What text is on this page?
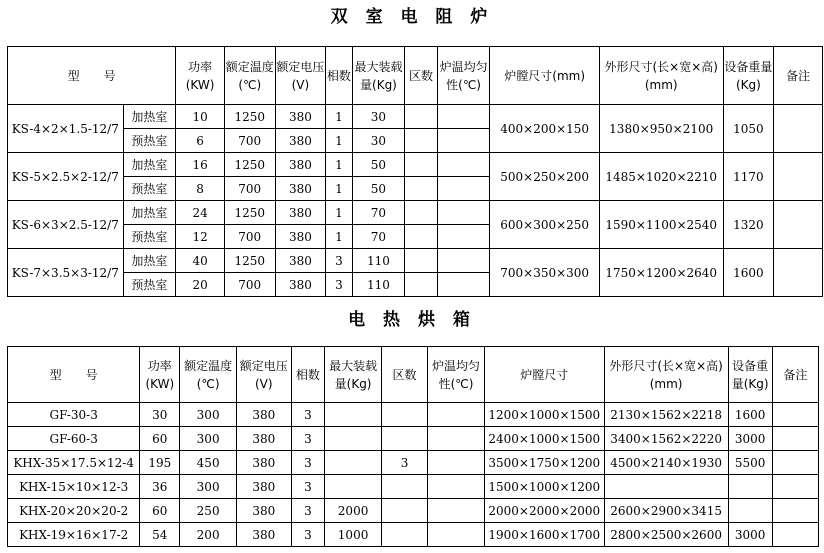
双 室 电 阻 炉
型　　号		功率(KW)	额定温度(℃)	额定电压(V)	相数	最大装载量(Kg)	区数	炉温均匀性(℃)	炉膛尺寸(mm)	外形尺寸(长×宽×高)(mm)	设备重量(Kg)	备注
KS-4×2×1.5-12/7	加热室	10	1250	380	1	30			400×200×150	1380×950×2100	1050	
	预热室	6	700	380	1	30						
KS-5×2.5×2-12/7	加热室	16	1250	380	1	50			500×250×200	1485×1020×2210	1170	
	预热室	8	700	380	1	50						
KS-6×3×2.5-12/7	加热室	24	1250	380	1	70			600×300×250	1590×1100×2540	1320	
	预热室	12	700	380	1	70						
KS-7×3.5×3-12/7	加热室	40	1250	380	3	110			700×350×300	1750×1200×2640	1600	
	预热室	20	700	380	3	110						
电 热 烘 箱
型　　号	功率(KW)	额定温度(℃)	额定电压(V)	相数	最大装载量(Kg)	区数	炉温均匀性(℃)	炉膛尺寸	外形尺寸(长×宽×高)(mm)	设备重量(Kg)	备注
GF-30-3	30	300	380	3				1200×1000×1500	2130×1562×2218	1600	
GF-60-3	60	300	380	3				2400×1000×1500	3400×1562×2220	3000	
KHX-35×17.5×12-4	195	450	380	3		3		3500×1750×1200	4500×2140×1930	5500	
KHX-15×10×12-3	36	300	380	3				1500×1000×1200			
KHX-20×20×20-2	60	250	380	3	2000			2000×2000×2000	2600×2900×3415		
KHX-19×16×17-2	54	200	380	3	1000			1900×1600×1700	2800×2500×2600	3000	
